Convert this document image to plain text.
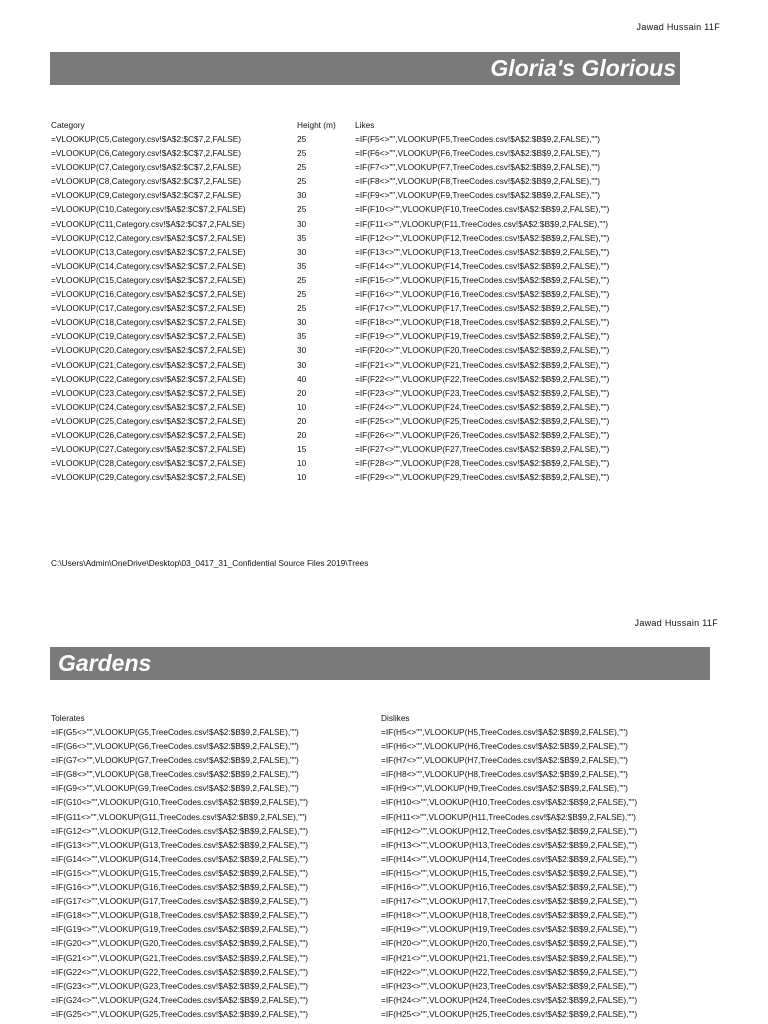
Jawad Hussain 11F
Gloria's Glorious
Category
=VLOOKUP(C5,Category.csv!$A$2:$C$7,2,FALSE)
=VLOOKUP(C6,Category.csv!$A$2:$C$7,2,FALSE)
=VLOOKUP(C7,Category.csv!$A$2:$C$7,2,FALSE)
=VLOOKUP(C8,Category.csv!$A$2:$C$7,2,FALSE)
=VLOOKUP(C9,Category.csv!$A$2:$C$7,2,FALSE)
=VLOOKUP(C10,Category.csv!$A$2:$C$7,2,FALSE)
=VLOOKUP(C11,Category.csv!$A$2:$C$7,2,FALSE)
=VLOOKUP(C12,Category.csv!$A$2:$C$7,2,FALSE)
=VLOOKUP(C13,Category.csv!$A$2:$C$7,2,FALSE)
=VLOOKUP(C14,Category.csv!$A$2:$C$7,2,FALSE)
=VLOOKUP(C15,Category.csv!$A$2:$C$7,2,FALSE)
=VLOOKUP(C16,Category.csv!$A$2:$C$7,2,FALSE)
=VLOOKUP(C17,Category.csv!$A$2:$C$7,2,FALSE)
=VLOOKUP(C18,Category.csv!$A$2:$C$7,2,FALSE)
=VLOOKUP(C19,Category.csv!$A$2:$C$7,2,FALSE)
=VLOOKUP(C20,Category.csv!$A$2:$C$7,2,FALSE)
=VLOOKUP(C21,Category.csv!$A$2:$C$7,2,FALSE)
=VLOOKUP(C22,Category.csv!$A$2:$C$7,2,FALSE)
=VLOOKUP(C23,Category.csv!$A$2:$C$7,2,FALSE)
=VLOOKUP(C24,Category.csv!$A$2:$C$7,2,FALSE)
=VLOOKUP(C25,Category.csv!$A$2:$C$7,2,FALSE)
=VLOOKUP(C26,Category.csv!$A$2:$C$7,2,FALSE)
=VLOOKUP(C27,Category.csv!$A$2:$C$7,2,FALSE)
=VLOOKUP(C28,Category.csv!$A$2:$C$7,2,FALSE)
=VLOOKUP(C29,Category.csv!$A$2:$C$7,2,FALSE)
Height (m)
25
25
25
25
30
25
30
35
30
35
25
25
25
30
35
30
30
40
20
10
20
20
15
10
10
Likes
=IF(F5<>"",VLOOKUP(F5,TreeCodes.csv!$A$2:$B$9,2,FALSE),"")
=IF(F6<>"",VLOOKUP(F6,TreeCodes.csv!$A$2:$B$9,2,FALSE),"")
=IF(F7<>"",VLOOKUP(F7,TreeCodes.csv!$A$2:$B$9,2,FALSE),"")
=IF(F8<>"",VLOOKUP(F8,TreeCodes.csv!$A$2:$B$9,2,FALSE),"")
=IF(F9<>"",VLOOKUP(F9,TreeCodes.csv!$A$2:$B$9,2,FALSE),"")
=IF(F10<>"",VLOOKUP(F10,TreeCodes.csv!$A$2:$B$9,2,FALSE),"")
=IF(F11<>"",VLOOKUP(F11,TreeCodes.csv!$A$2:$B$9,2,FALSE),"")
=IF(F12<>"",VLOOKUP(F12,TreeCodes.csv!$A$2:$B$9,2,FALSE),"")
=IF(F13<>"",VLOOKUP(F13,TreeCodes.csv!$A$2:$B$9,2,FALSE),"")
=IF(F14<>"",VLOOKUP(F14,TreeCodes.csv!$A$2:$B$9,2,FALSE),"")
=IF(F15<>"",VLOOKUP(F15,TreeCodes.csv!$A$2:$B$9,2,FALSE),"")
=IF(F16<>"",VLOOKUP(F16,TreeCodes.csv!$A$2:$B$9,2,FALSE),"")
=IF(F17<>"",VLOOKUP(F17,TreeCodes.csv!$A$2:$B$9,2,FALSE),"")
=IF(F18<>"",VLOOKUP(F18,TreeCodes.csv!$A$2:$B$9,2,FALSE),"")
=IF(F19<>"",VLOOKUP(F19,TreeCodes.csv!$A$2:$B$9,2,FALSE),"")
=IF(F20<>"",VLOOKUP(F20,TreeCodes.csv!$A$2:$B$9,2,FALSE),"")
=IF(F21<>"",VLOOKUP(F21,TreeCodes.csv!$A$2:$B$9,2,FALSE),"")
=IF(F22<>"",VLOOKUP(F22,TreeCodes.csv!$A$2:$B$9,2,FALSE),"")
=IF(F23<>"",VLOOKUP(F23,TreeCodes.csv!$A$2:$B$9,2,FALSE),"")
=IF(F24<>"",VLOOKUP(F24,TreeCodes.csv!$A$2:$B$9,2,FALSE),"")
=IF(F25<>"",VLOOKUP(F25,TreeCodes.csv!$A$2:$B$9,2,FALSE),"")
=IF(F26<>"",VLOOKUP(F26,TreeCodes.csv!$A$2:$B$9,2,FALSE),"")
=IF(F27<>"",VLOOKUP(F27,TreeCodes.csv!$A$2:$B$9,2,FALSE),"")
=IF(F28<>"",VLOOKUP(F28,TreeCodes.csv!$A$2:$B$9,2,FALSE),"")
=IF(F29<>"",VLOOKUP(F29,TreeCodes.csv!$A$2:$B$9,2,FALSE),"")
C:\Users\Admin\OneDrive\Desktop\03_0417_31_Confidential Source Files 2019\Trees
Jawad Hussain 11F
Gardens
Tolerates
=IF(G5<>"",VLOOKUP(G5,TreeCodes.csv!$A$2:$B$9,2,FALSE),"")
=IF(G6<>"",VLOOKUP(G6,TreeCodes.csv!$A$2:$B$9,2,FALSE),"")
=IF(G7<>"",VLOOKUP(G7,TreeCodes.csv!$A$2:$B$9,2,FALSE),"")
=IF(G8<>"",VLOOKUP(G8,TreeCodes.csv!$A$2:$B$9,2,FALSE),"")
=IF(G9<>"",VLOOKUP(G9,TreeCodes.csv!$A$2:$B$9,2,FALSE),"")
=IF(G10<>"",VLOOKUP(G10,TreeCodes.csv!$A$2:$B$9,2,FALSE),"")
=IF(G11<>"",VLOOKUP(G11,TreeCodes.csv!$A$2:$B$9,2,FALSE),"")
=IF(G12<>"",VLOOKUP(G12,TreeCodes.csv!$A$2:$B$9,2,FALSE),"")
=IF(G13<>"",VLOOKUP(G13,TreeCodes.csv!$A$2:$B$9,2,FALSE),"")
=IF(G14<>"",VLOOKUP(G14,TreeCodes.csv!$A$2:$B$9,2,FALSE),"")
=IF(G15<>"",VLOOKUP(G15,TreeCodes.csv!$A$2:$B$9,2,FALSE),"")
=IF(G16<>"",VLOOKUP(G16,TreeCodes.csv!$A$2:$B$9,2,FALSE),"")
=IF(G17<>"",VLOOKUP(G17,TreeCodes.csv!$A$2:$B$9,2,FALSE),"")
=IF(G18<>"",VLOOKUP(G18,TreeCodes.csv!$A$2:$B$9,2,FALSE),"")
=IF(G19<>"",VLOOKUP(G19,TreeCodes.csv!$A$2:$B$9,2,FALSE),"")
=IF(G20<>"",VLOOKUP(G20,TreeCodes.csv!$A$2:$B$9,2,FALSE),"")
=IF(G21<>"",VLOOKUP(G21,TreeCodes.csv!$A$2:$B$9,2,FALSE),"")
=IF(G22<>"",VLOOKUP(G22,TreeCodes.csv!$A$2:$B$9,2,FALSE),"")
=IF(G23<>"",VLOOKUP(G23,TreeCodes.csv!$A$2:$B$9,2,FALSE),"")
=IF(G24<>"",VLOOKUP(G24,TreeCodes.csv!$A$2:$B$9,2,FALSE),"")
=IF(G25<>"",VLOOKUP(G25,TreeCodes.csv!$A$2:$B$9,2,FALSE),"")
Dislikes
=IF(H5<>"",VLOOKUP(H5,TreeCodes.csv!$A$2:$B$9,2,FALSE),"")
=IF(H6<>"",VLOOKUP(H6,TreeCodes.csv!$A$2:$B$9,2,FALSE),"")
=IF(H7<>"",VLOOKUP(H7,TreeCodes.csv!$A$2:$B$9,2,FALSE),"")
=IF(H8<>"",VLOOKUP(H8,TreeCodes.csv!$A$2:$B$9,2,FALSE),"")
=IF(H9<>"",VLOOKUP(H9,TreeCodes.csv!$A$2:$B$9,2,FALSE),"")
=IF(H10<>"",VLOOKUP(H10,TreeCodes.csv!$A$2:$B$9,2,FALSE),"")
=IF(H11<>"",VLOOKUP(H11,TreeCodes.csv!$A$2:$B$9,2,FALSE),"")
=IF(H12<>"",VLOOKUP(H12,TreeCodes.csv!$A$2:$B$9,2,FALSE),"")
=IF(H13<>"",VLOOKUP(H13,TreeCodes.csv!$A$2:$B$9,2,FALSE),"")
=IF(H14<>"",VLOOKUP(H14,TreeCodes.csv!$A$2:$B$9,2,FALSE),"")
=IF(H15<>"",VLOOKUP(H15,TreeCodes.csv!$A$2:$B$9,2,FALSE),"")
=IF(H16<>"",VLOOKUP(H16,TreeCodes.csv!$A$2:$B$9,2,FALSE),"")
=IF(H17<>"",VLOOKUP(H17,TreeCodes.csv!$A$2:$B$9,2,FALSE),"")
=IF(H18<>"",VLOOKUP(H18,TreeCodes.csv!$A$2:$B$9,2,FALSE),"")
=IF(H19<>"",VLOOKUP(H19,TreeCodes.csv!$A$2:$B$9,2,FALSE),"")
=IF(H20<>"",VLOOKUP(H20,TreeCodes.csv!$A$2:$B$9,2,FALSE),"")
=IF(H21<>"",VLOOKUP(H21,TreeCodes.csv!$A$2:$B$9,2,FALSE),"")
=IF(H22<>"",VLOOKUP(H22,TreeCodes.csv!$A$2:$B$9,2,FALSE),"")
=IF(H23<>"",VLOOKUP(H23,TreeCodes.csv!$A$2:$B$9,2,FALSE),"")
=IF(H24<>"",VLOOKUP(H24,TreeCodes.csv!$A$2:$B$9,2,FALSE),"")
=IF(H25<>"",VLOOKUP(H25,TreeCodes.csv!$A$2:$B$9,2,FALSE),"")
